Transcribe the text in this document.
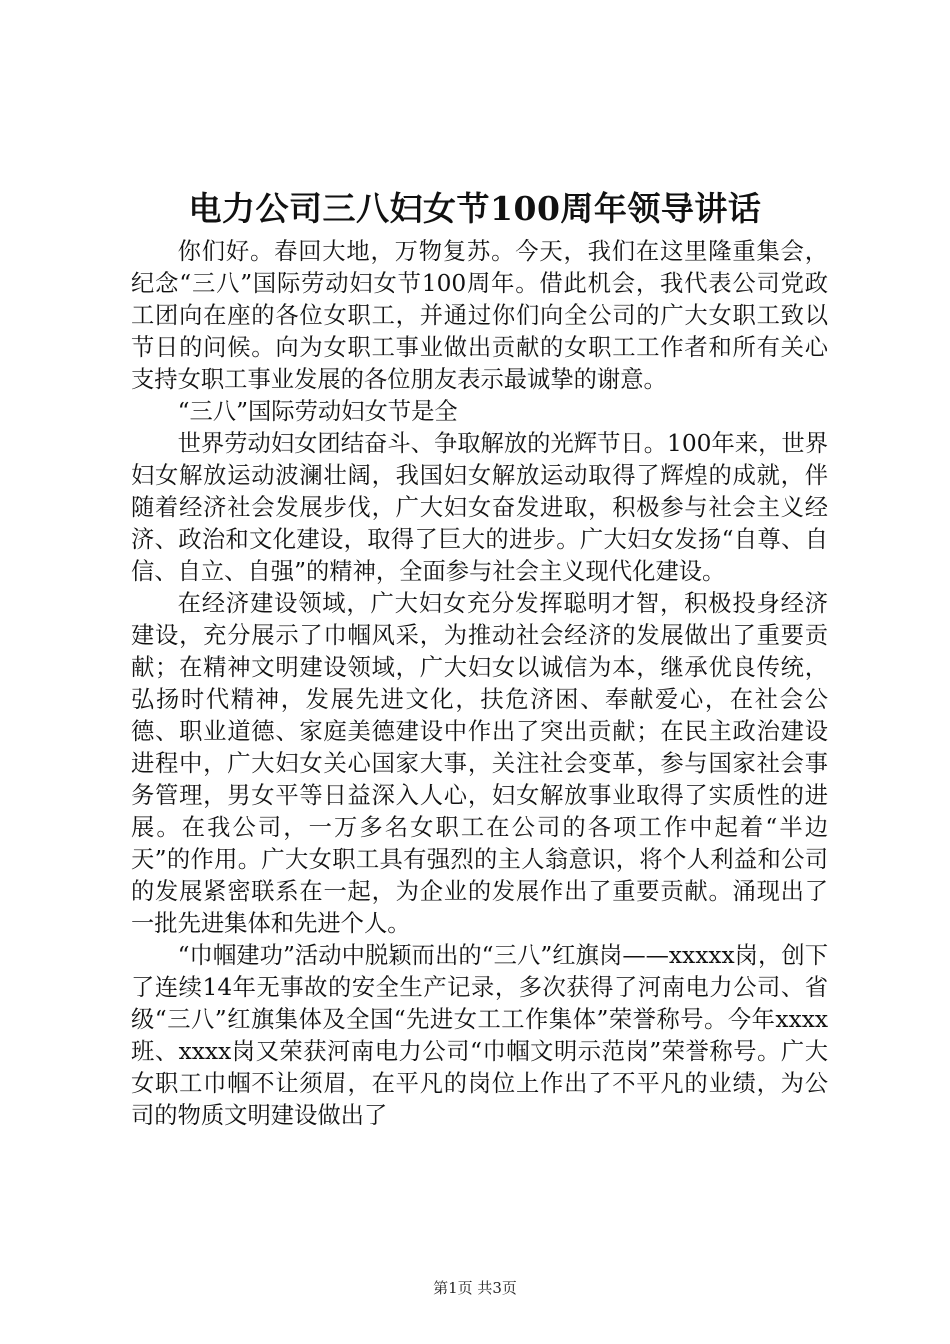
电力公司三八妇女节100周年领导讲话

你们好。春回大地，万物复苏。今天，我们在这里隆重集会，纪念“三八”国际劳动妇女节100周年。借此机会，我代表公司党政工团向在座的各位女职工，并通过你们向全公司的广大女职工致以节日的问候。向为女职工事业做出贡献的女职工工作者和所有关心支持女职工事业发展的各位朋友表示最诚挚的谢意。

“三八”国际劳动妇女节是全

世界劳动妇女团结奋斗、争取解放的光辉节日。100年来，世界妇女解放运动波澜壮阔，我国妇女解放运动取得了辉煌的成就，伴随着经济社会发展步伐，广大妇女奋发进取，积极参与社会主义经济、政治和文化建设，取得了巨大的进步。广大妇女发扬“自尊、自信、自立、自强”的精神，全面参与社会主义现代化建设。

在经济建设领域，广大妇女充分发挥聪明才智，积极投身经济建设，充分展示了巾帼风采，为推动社会经济的发展做出了重要贡献；在精神文明建设领域，广大妇女以诚信为本，继承优良传统，弘扬时代精神，发展先进文化，扶危济困、奉献爱心，在社会公德、职业道德、家庭美德建设中作出了突出贡献；在民主政治建设进程中，广大妇女关心国家大事，关注社会变革，参与国家社会事务管理，男女平等日益深入人心，妇女解放事业取得了实质性的进展。在我公司，一万多名女职工在公司的各项工作中起着“半边天”的作用。广大女职工具有强烈的主人翁意识，将个人利益和公司的发展紧密联系在一起，为企业的发展作出了重要贡献。涌现出了一批先进集体和先进个人。

“巾帼建功”活动中脱颖而出的“三八”红旗岗——xxxxx岗，创下了连续14年无事故的安全生产记录，多次获得了河南电力公司、省级“三八”红旗集体及全国“先进女工工作集体”荣誉称号。今年xxxx班、xxxx岗又荣获河南电力公司“巾帼文明示范岗”荣誉称号。广大女职工巾帼不让须眉，在平凡的岗位上作出了不平凡的业绩，为公司的物质文明建设做出了

第1页 共3页
